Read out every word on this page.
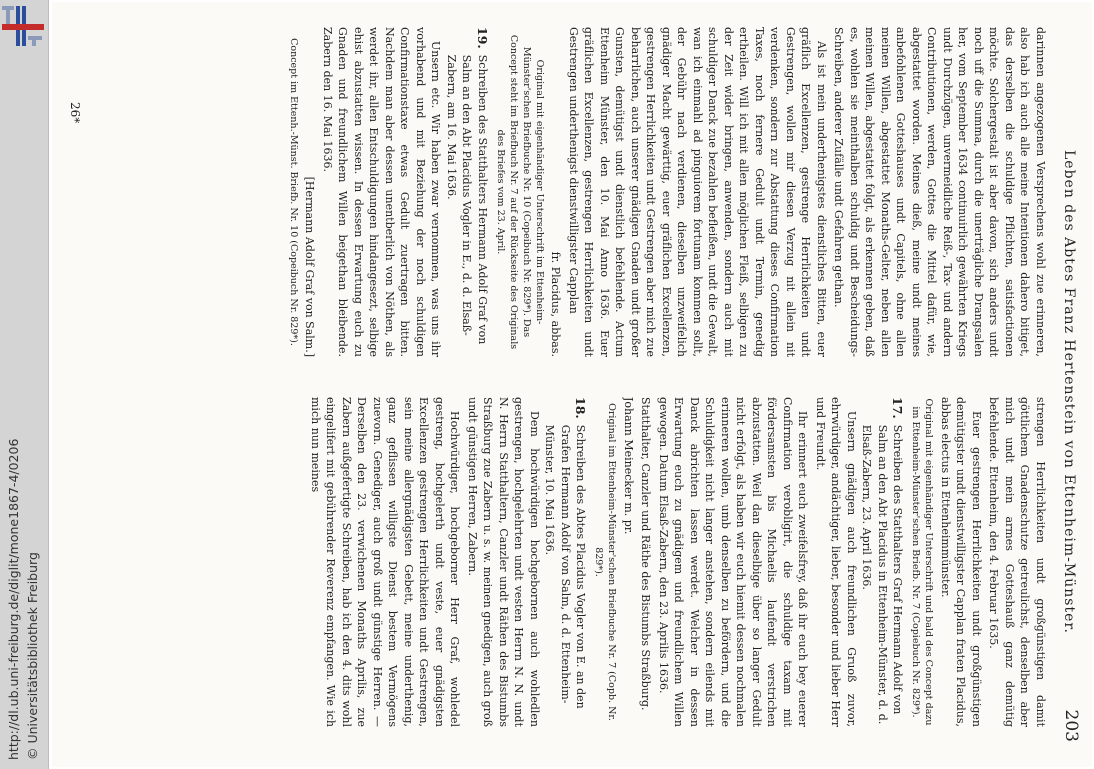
http://dl.ub.uni-freiburg.de/diglit/mone1867-4/0206 © Universitätsbibliothek Freiburg
Leben des Abtes Franz Hertenstein von Ettenheim-Münster.
203

strengen Herrlichkeiten undt großgünstigen damit göttlichem Gnadenschutze getreulichst, denselben aber mich undt mein armes Gotteshauß ganz demütig befehlende. Ettenheim, den 4. Februar 1635.

Euer gestrengen Herrlichkeiten undt großgünstigen demütigster undt dienstwilligster Capplan fraten Placidus, abbas electus in Ettenheimmünster.

Original mit eigenhändiger Unterschrift und bald des Concept dazu im Ettenheim-Münster'schen Briefb. Nr. 7 (Copiebuch Nr. 829*).

17.
Schreiben des Statthalters Graf Hermann Adolf von Salm an den Abt Placidus in Ettenheim-Münster, d. d. Elsaß-Zabern, 23. April 1636.

Unsern gnädigen auch freundlichen Gruoß zuvor, ehrwürdiger, andächtiger, lieber, besonder und lieber Herr und Freundt.

Ihr erinnert euch zweifelsfrey, daß ihr euch bey euerer Confirmation verobligirt, die schuldige taxam mit fördersamsten bis Michaelis laufendt verstrichen abzustatten. Weil dan dieselbige über so langer Gedult nicht erfolgt, als haben wir euch hiemit dessen nochmalen erinneren wollen, umb denselben zu befördern, und die Schuldigkeit nicht langer anstehen, sondern eilends mit Danck abrichten lassen werdet. Welcher in dessen Erwartung euch zu gnädigem und freundlichem Willen gewogen. Datum Elsaß-Zabern, den 23. Aprilis 1636.

Statthalter, Canzler und Räthe des Bistumbs Straßburg.

Johann Meinecker m. pr.

Original im Ettenheim-Münster'schen Briefbuche Nr. 7 (Copb. Nr. 829*).

18.
Schreiben des Abtes Placidus Vogler von E. an den Grafen Hermann Adolf von Salm, d. d. Ettenheim-Münster, 10. Mai 1636.

Dem hochwürdigen hochgebornen auch wohledlen gestrengen, hochgelehrten undt vesten Herrn N. N. undt N. Herrn Statthaltern, Canzler undt Räthen des Bistumbs Straßburg zue Zabern u. s. w. meinen gnedigen, auch groß undt günstigen Herren, Zabern.

Hochwürdiger, hochgeborner Herr Graf, wohledel gestreng, hochgelerth undt veste, euer gnädigsten Excellenzen gestrengen Herrlichkeiten undt Gestrengen, sein meine allergnädigsten Gebett, meine underthenig, ganz geflissen willigste Dienst bestem Vermögens zuevorn. Genediger, auch groß undt günstige Herren. — Derselben den 23. verwichenen Monaths Aprilis, zue Zabern außgefertigte Schreiben, hab ich den 4. dits wohl eingelifert mit gebührender Reverenz empfangen. Wie ich mich nun meines

darinnen angezogenen Versprechens wohl zue erinneren, also hab ich auch alle meine Intentionen dahero bitiget, das derselben die schuldige Pflichten, satisfactionen möchte. Solchergestalt ist aber davon, sich anders undt noch uff die Summa, durch die unerträgliche Drangsalen her, vom September 1634 continuirlich gewährten Kriegs undt Durchzügen, unvermeidliche Reiß-, Tax- und andern Contributionen, werden, Gottes die Mittel dafür, wie, abgestattet worden. Meines dieß, meine undt meines anbefohlenen Gotteshauses undt Capitels, ohne allen meinen Willen, abgestattet Monaths-Gelter, neben allen meinen Willen, abgestattet folgt, als erkennen geben, daß es, wohlen sie meinthalben schuldig undt Bescheidungs-Schreiben, anderer Zufälle undt Gefahren gethan.

Als ist mein underthenigstes dienstliches Bitten, euer gräflich Excellenzen, gestrenge Herrlichkeiten undt Gestrengen, wollen mir diesen Verzug nit allein nit verdenken, sondern zur Abstattung dieses Confirmation Taxes, noch fernere Gedult undt Termin, genedig ertheilen. Will ich mit allen möglichen Fleiß, selbigen zu der Zeit wider bringen, anwenden, sondern auch mit schuldiger Danck zue bezahlen befleißen, undt die Gewalt, wan ich einmahl ad pinguiorem fortunam kommen sollt, der Gebühr nach verdienen, dieselben unzweifelich gnädiger Macht gewärttig, euer gräflichen Excellenzen, gestrengen Herrlichkeiten undt Gestrengen aber mich zue beharrlichen, auch unserer gnädigen Gnaden undt großer Gunsten, demütigst undt dienstlich befehlende. Actum Ettenheim Münster, den 10. Mai Anno 1636. Euer gräflichen Excellenzen, gestrengen Herrlichkeiten undt Gestrengen underthenigst dienstwilligster Capplan

fr. Placidus, abbas.

Original mit eigenhändiger Unterschrift im Ettenheim-Münster'schen Briefbuche Nr. 10 (Copeibuch Nr. 829*). Das Concept steht im Briefbuch Nr. 7 auf der Rückseite des Originals des Briefes vom 23. April.

19.
Schreiben des Statthalters Hermann Adolf Graf von Salm an den Abt Placidus Vogler in E., d. d. Elsaß-Zabern, am 16. Mai 1636.

Unsern etc. Wir haben zwar vernommen, was uns ihr vorhabend und mit Beziehung der noch schuldigen Confirmationstaxe etwas Gedult zuertragen bitten. Nachdem man aber dessen unentberlich von Nöthen, als werdet ihr, allen Entschuldigungen hindangesezt, selbige ehist abzustatten wissen. In dessen Erwartung euch zu Gnaden und freundlichem Willen beigethan bleibende. Zabern den 16. Mai 1636.

[Hermann Adolf Graf von Salm.]

Concept im Ettenh.-Münst. Briefb. Nr. 10 (Copeibuch Nr. 829*).

26*
